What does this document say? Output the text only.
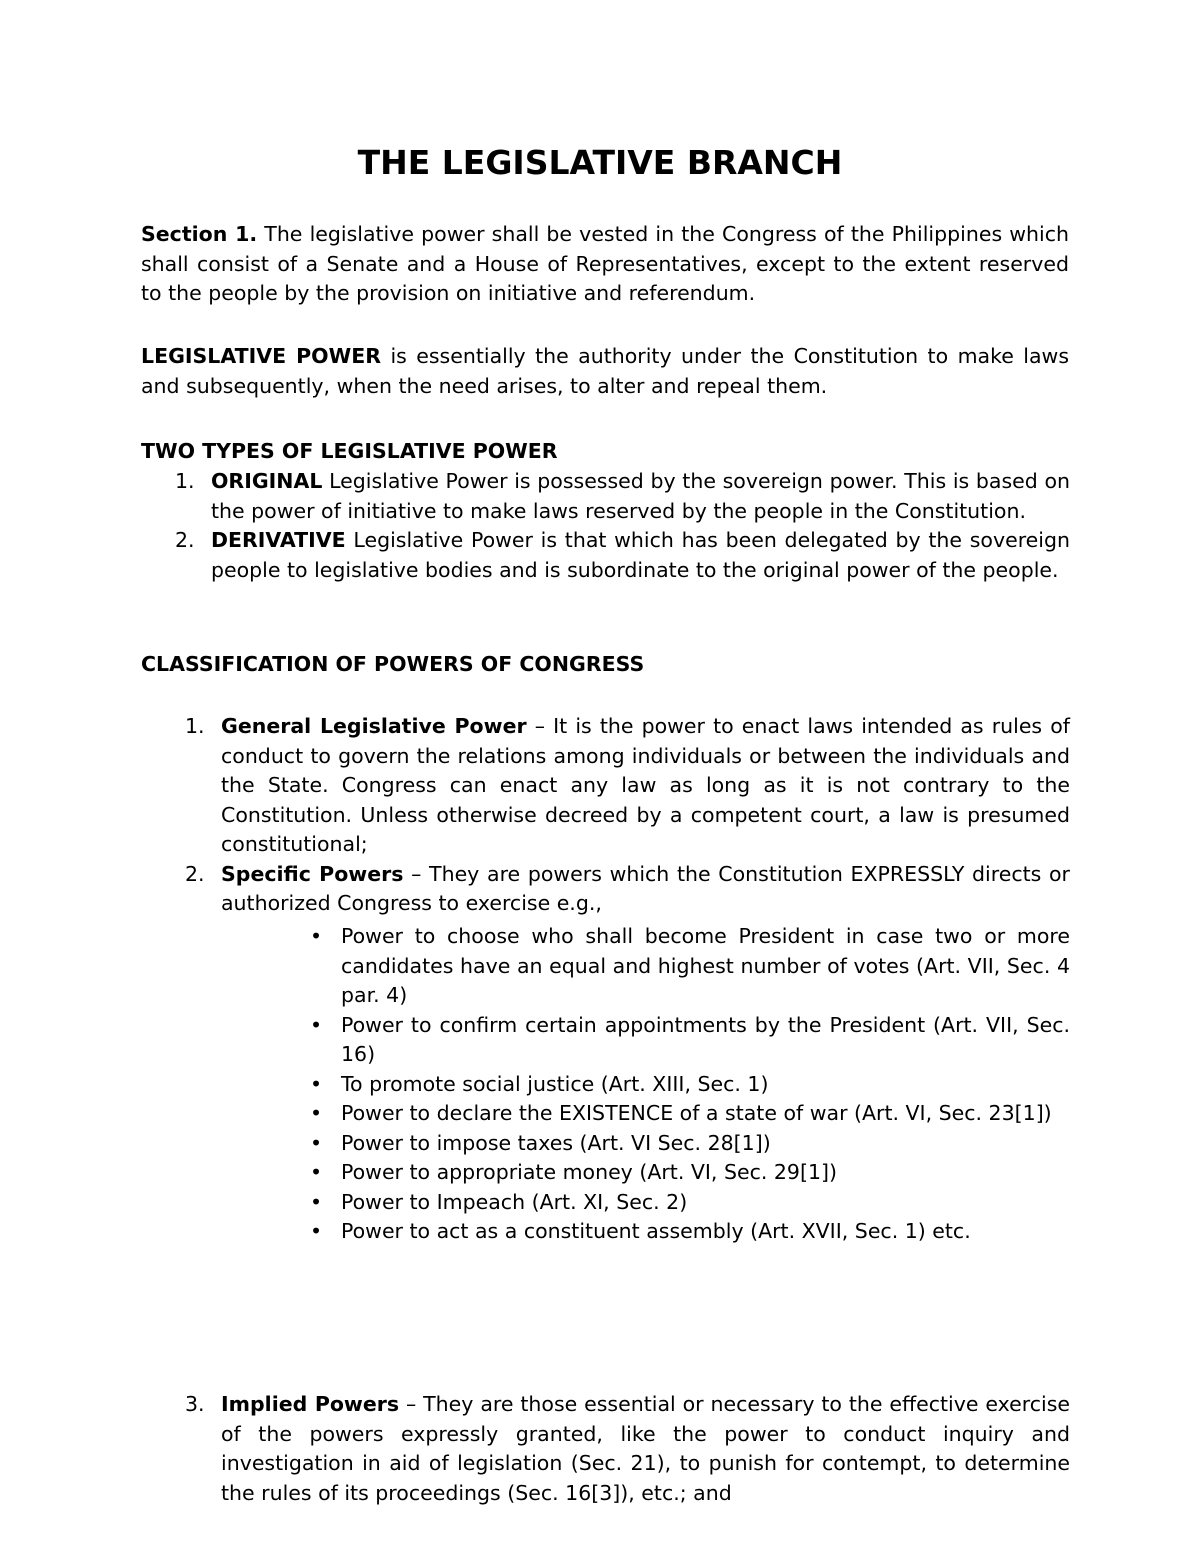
THE LEGISLATIVE BRANCH
Section 1. The legislative power shall be vested in the Congress of the Philippines which shall consist of a Senate and a House of Representatives, except to the extent reserved to the people by the provision on initiative and referendum.
LEGISLATIVE POWER is essentially the authority under the Constitution to make laws and subsequently, when the need arises, to alter and repeal them.
TWO TYPES OF LEGISLATIVE POWER
1. ORIGINAL Legislative Power is possessed by the sovereign power. This is based on the power of initiative to make laws reserved by the people in the Constitution.
2. DERIVATIVE Legislative Power is that which has been delegated by the sovereign people to legislative bodies and is subordinate to the original power of the people.
CLASSIFICATION OF POWERS OF CONGRESS
1. General Legislative Power – It is the power to enact laws intended as rules of conduct to govern the relations among individuals or between the individuals and the State. Congress can enact any law as long as it is not contrary to the Constitution. Unless otherwise decreed by a competent court, a law is presumed constitutional;
2. Specific Powers – They are powers which the Constitution EXPRESSLY directs or authorized Congress to exercise e.g.,
• Power to choose who shall become President in case two or more candidates have an equal and highest number of votes (Art. VII, Sec. 4 par. 4)
• Power to confirm certain appointments by the President (Art. VII, Sec. 16)
• To promote social justice (Art. XIII, Sec. 1)
• Power to declare the EXISTENCE of a state of war (Art. VI, Sec. 23[1])
• Power to impose taxes (Art. VI Sec. 28[1])
• Power to appropriate money (Art. VI, Sec. 29[1])
• Power to Impeach (Art. XI, Sec. 2)
• Power to act as a constituent assembly (Art. XVII, Sec. 1) etc.
3. Implied Powers – They are those essential or necessary to the effective exercise of the powers expressly granted, like the power to conduct inquiry and investigation in aid of legislation (Sec. 21), to punish for contempt, to determine the rules of its proceedings (Sec. 16[3]), etc.; and
